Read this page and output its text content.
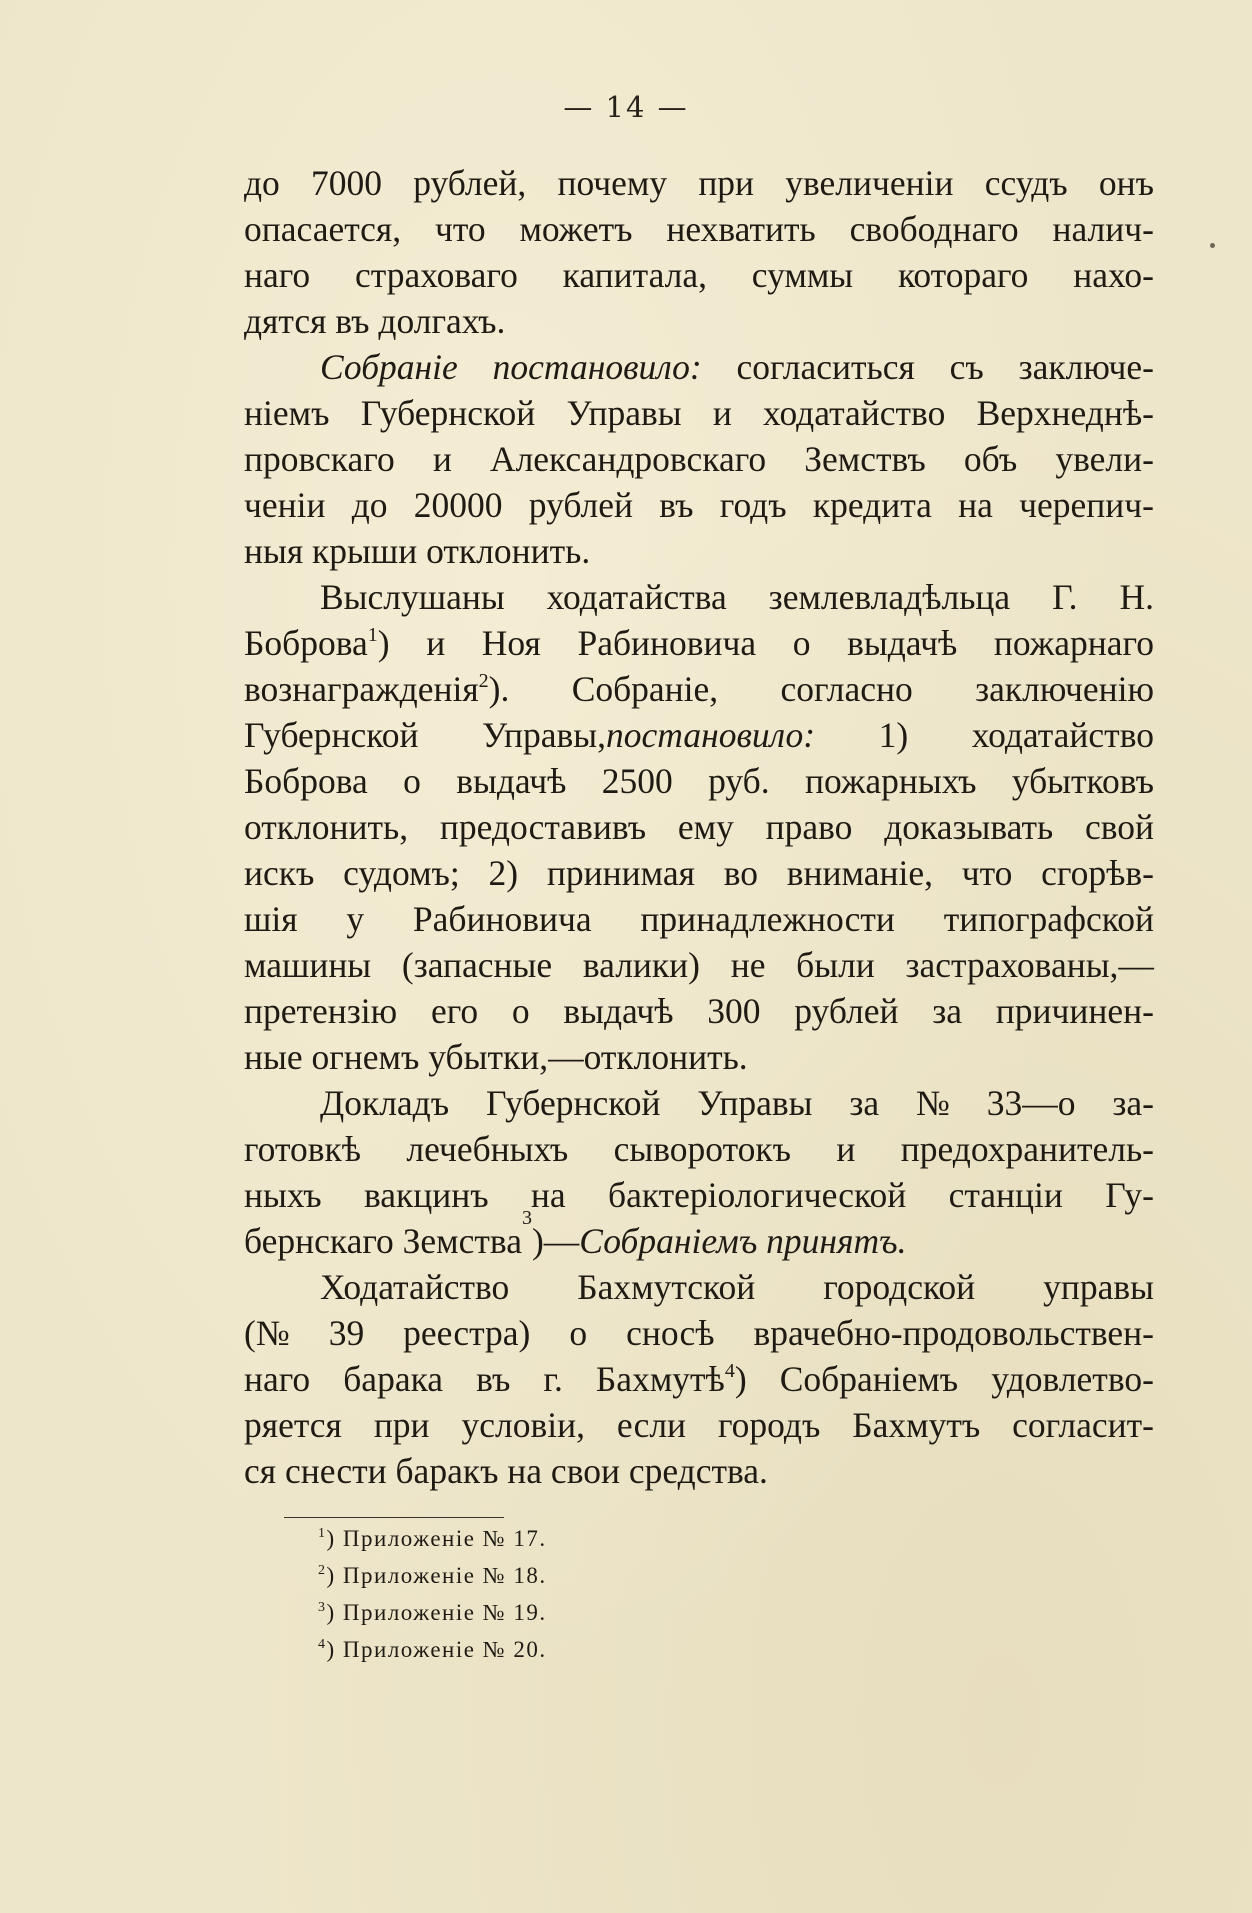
— 14 —
до 7000 рублей, почему при увеличеніи ссудъ онъ
опасается, что можетъ нехватить свободнаго налич-
наго страховаго капитала, суммы котораго нахо-
дятся въ долгахъ.
Собраніе постановило: согласиться съ заключе-
ніемъ Губернской Управы и ходатайство Верхнеднѣ-
провскаго и Александровскаго Земствъ объ увели-
ченіи до 20000 рублей въ годъ кредита на черепич-
ныя крыши отклонить.
Выслушаны ходатайства землевладѣльца Г. Н.
Боброва$^1$) и Ноя Рабиновича о выдачѣ пожарнаго
вознагражденія$^2$). Собраніе, согласно заключенію
Губернской Управы,постановило: 1) ходатайство
Боброва о выдачѣ 2500 руб. пожарныхъ убытковъ
отклонить, предоставивъ ему право доказывать свой
искъ судомъ; 2) принимая во вниманіе, что сгорѣв-
шія у Рабиновича принадлежности типографской
машины (запасные валики) не были застрахованы,—
претензію его о выдачѣ 300 рублей за причинен-
ные огнемъ убытки,—отклонить.
Докладъ Губернской Управы за № 33—о за-
готовкѣ лечебныхъ сыворотокъ и предохранитель-
ныхъ вакцинъ на бактеріологической станціи Гу-
бернскаго Земства
3
)— Собраніемъ принятъ.
Ходатайство Бахмутской городской управы
(№ 39 реестра) о сносѣ врачебно-продовольствен-
наго барака въ г. Бахмутѣ$^4$) Собраніемъ удовлетво-
ряется при условіи, если городъ Бахмутъ согласит-
ся снести баракъ на свои средства.
$^1$) Приложеніе № 17.
$^2$) Приложеніе № 18.
$^3$) Приложеніе № 19.
$^4$) Приложеніе № 20.
